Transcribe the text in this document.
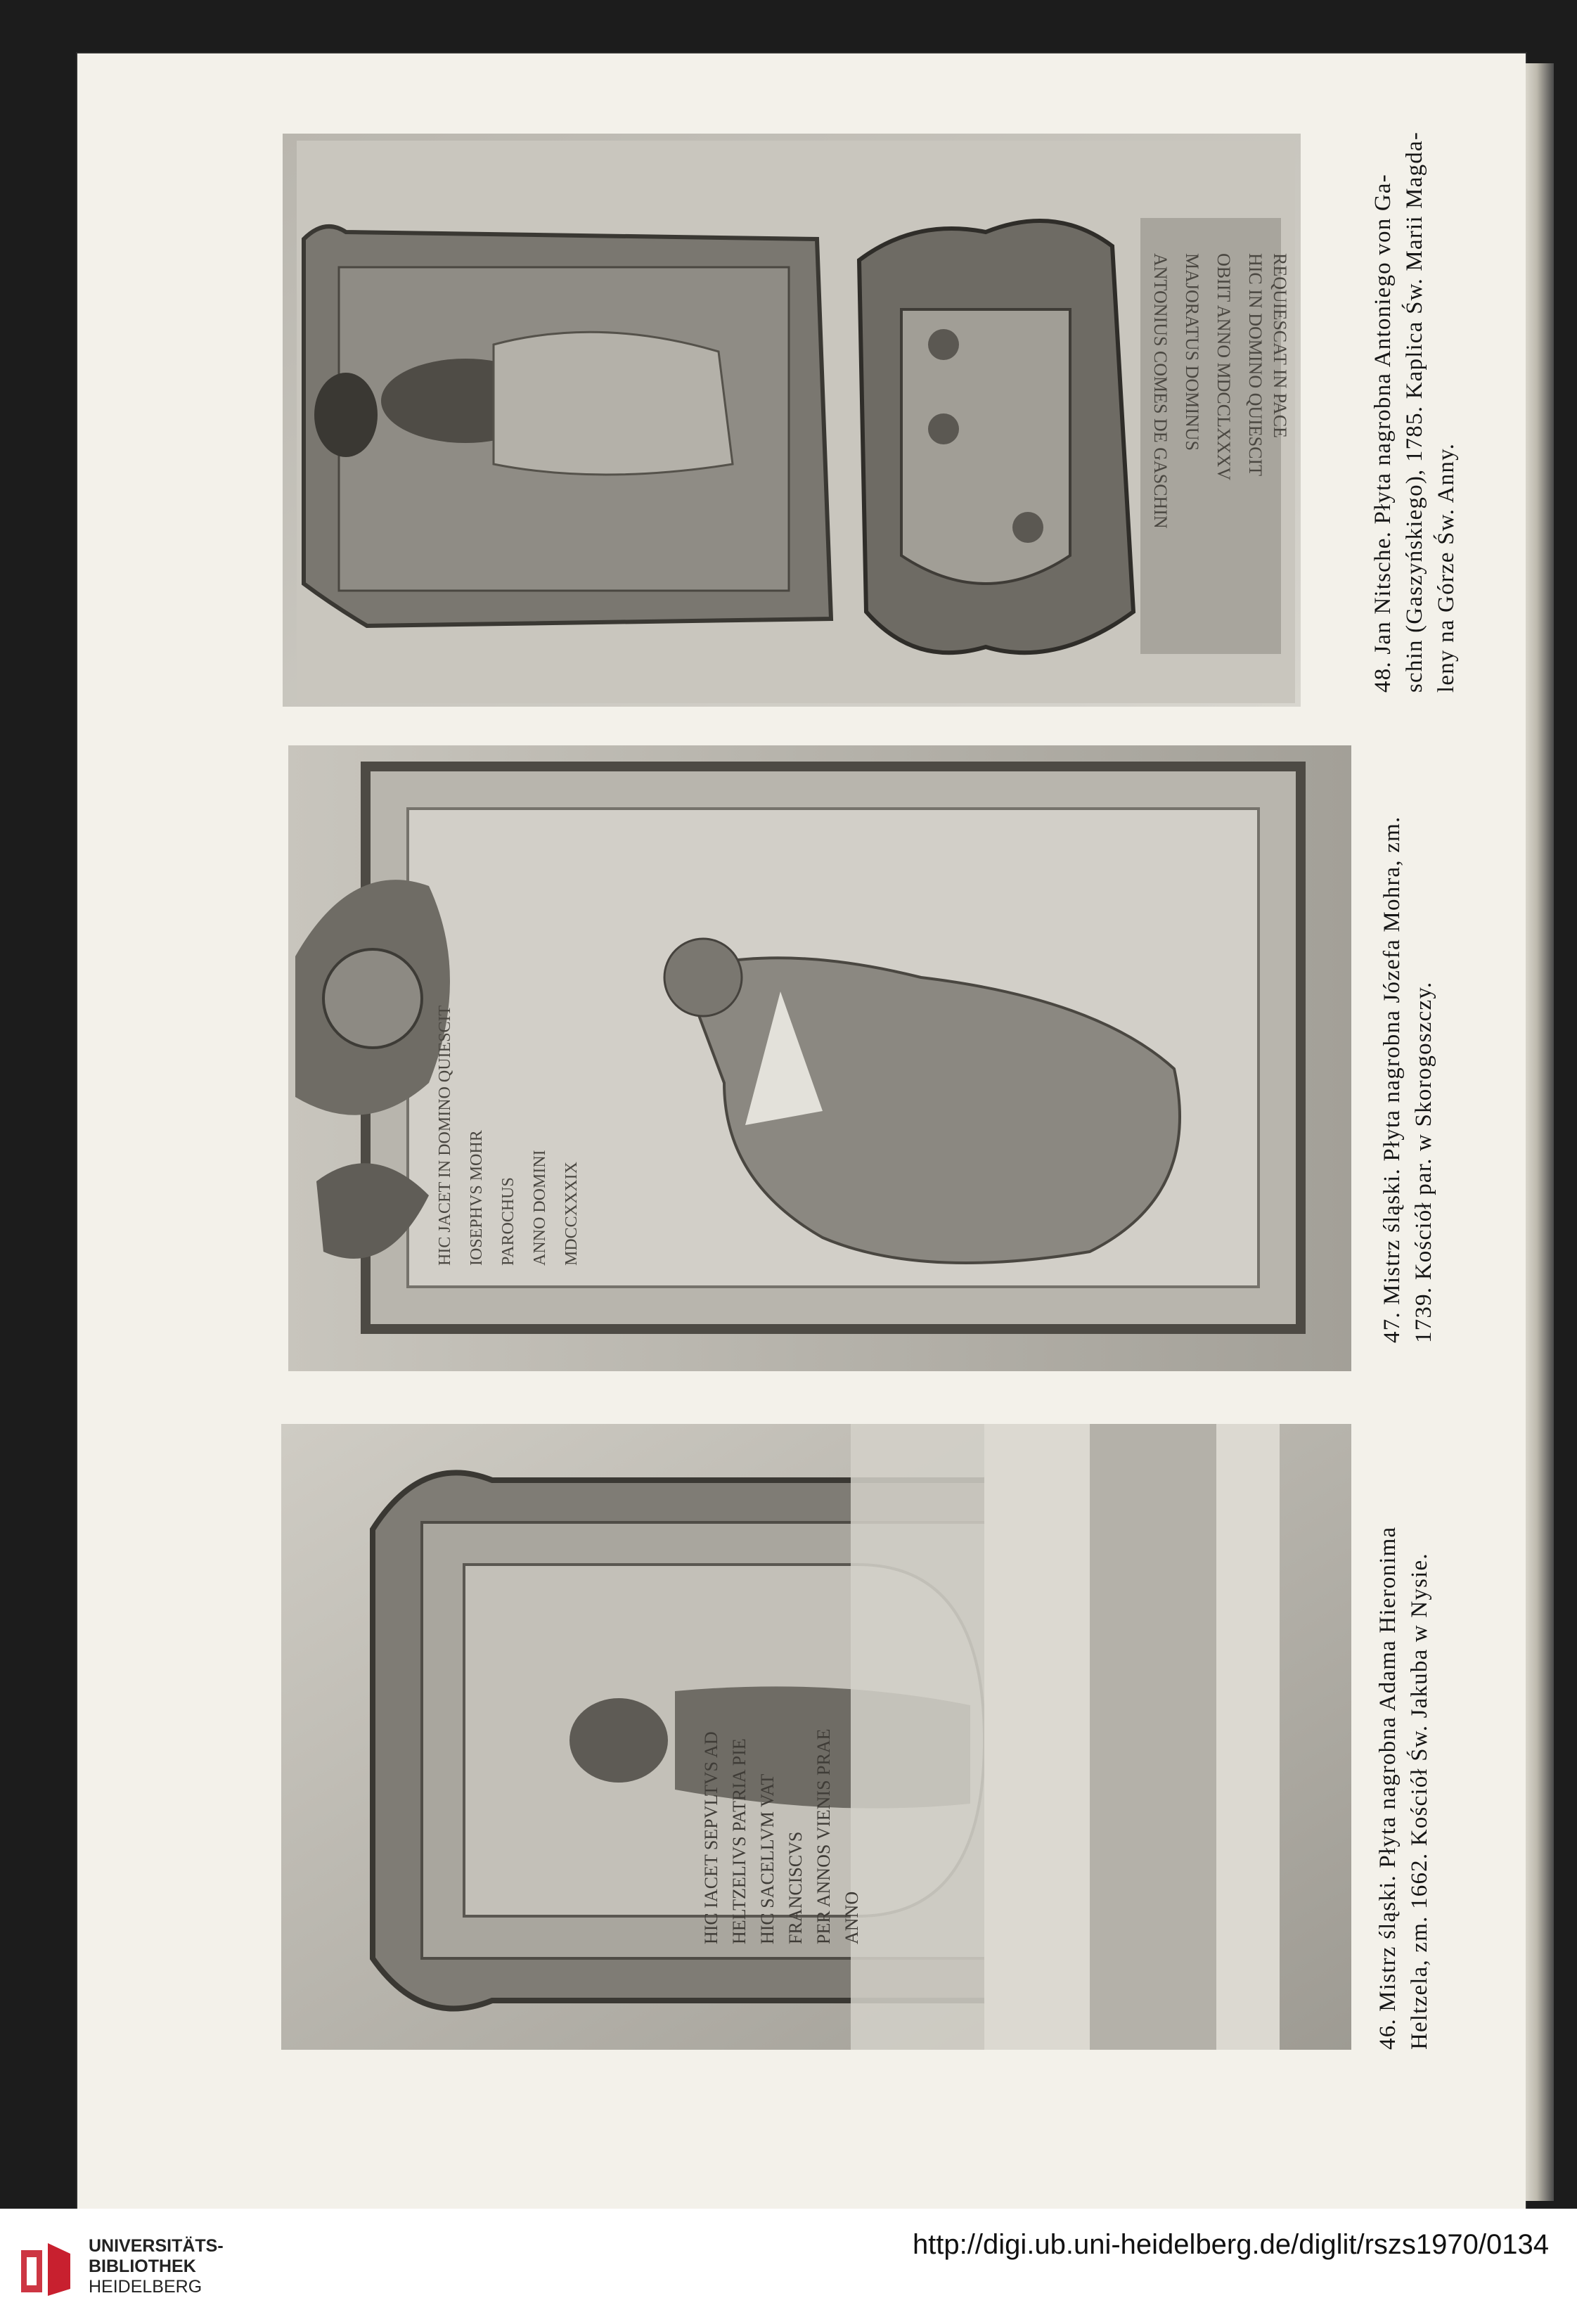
ANTONIUS COMES DE GASCHIN MAJORATUS DOMINUS OBIIT ANNO MDCCLXXXV HIC IN DOMINO QUIESCIT REQUIESCAT IN PACE
HIC JACET IN DOMINO QUIESCIT IOSEPHVS MOHR PAROCHUS ANNO DOMINI MDCCXXXIX
HIC IACET SEPVLTVS AD HELTZELIVS PATRIA PIE HIC SACELLVM VAT FRANCISCVS PER ANNOS VIENIS PRAE ANNO
48. Jan Nitsche. Płyta nagrobna Antoniego von Ga- schin (Gaszyńskiego), 1785. Kaplica Św. Marii Magda- leny na Górze Św. Anny.
47. Mistrz śląski. Płyta nagrobna Józefa Mohra, zm. 1739. Kościół par. w Skorogoszczy.
46. Mistrz śląski. Płyta nagrobna Adama Hieronima Heltzela, zm. 1662. Kościół Św. Jakuba w Nysie.
UNIVERSITÄTS-
BIBLIOTHEK
HEIDELBERG
http://digi.ub.uni-heidelberg.de/diglit/rszs1970/0134
